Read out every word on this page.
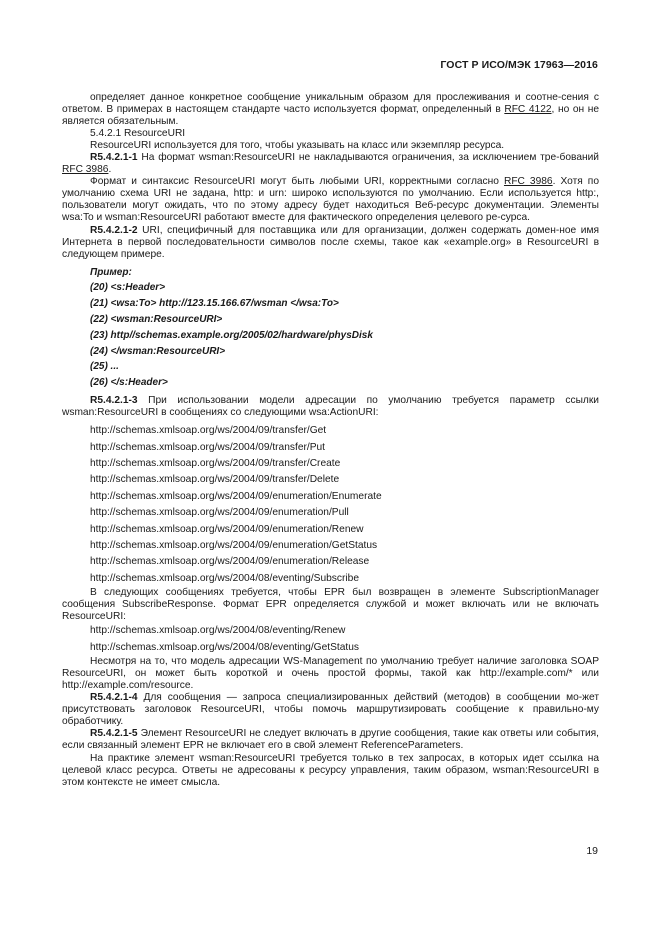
ГОСТ Р ИСО/МЭК 17963—2016

определяет данное конкретное сообщение уникальным образом для прослеживания и соотне-сения с ответом. В примерах в настоящем стандарте часто используется формат, определенный в RFC 4122, но он не является обязательным.

5.4.2.1 ResourceURI

ResourceURI используется для того, чтобы указывать на класс или экземпляр ресурса.

R5.4.2.1-1 На формат wsman:ResourceURI не накладываются ограничения, за исключением тре-бований RFC 3986.

Формат и синтаксис ResourceURI могут быть любыми URI, корректными согласно RFC 3986. Хотя по умолчанию схема URI не задана, http: и urn: широко используются по умолчанию. Если используется http:, пользователи могут ожидать, что по этому адресу будет находиться Веб-ресурс документации. Элементы wsa:To и wsman:ResourceURI работают вместе для фактического определения целевого ре-сурса.

R5.4.2.1-2 URI, специфичный для поставщика или для организации, должен содержать домен-ное имя Интернета в первой последовательности символов после схемы, такое как «example.org» в ResourceURI в следующем примере.

Пример:

(20) <s:Header>

(21) <wsa:To> http://123.15.166.67/wsman </wsa:To>

(22) <wsman:ResourceURI>

(23) http//schemas.example.org/2005/02/hardware/physDisk

(24) </wsman:ResourceURI>

(25) ...

(26) </s:Header>

R5.4.2.1-3 При использовании модели адресации по умолчанию требуется параметр ссылки wsman:ResourceURI в сообщениях со следующими wsa:ActionURI:

http://schemas.xmlsoap.org/ws/2004/09/transfer/Get

http://schemas.xmlsoap.org/ws/2004/09/transfer/Put

http://schemas.xmlsoap.org/ws/2004/09/transfer/Create

http://schemas.xmlsoap.org/ws/2004/09/transfer/Delete

http://schemas.xmlsoap.org/ws/2004/09/enumeration/Enumerate

http://schemas.xmlsoap.org/ws/2004/09/enumeration/Pull

http://schemas.xmlsoap.org/ws/2004/09/enumeration/Renew

http://schemas.xmlsoap.org/ws/2004/09/enumeration/GetStatus

http://schemas.xmlsoap.org/ws/2004/09/enumeration/Release

http://schemas.xmlsoap.org/ws/2004/08/eventing/Subscribe

В следующих сообщениях требуется, чтобы EPR был возвращен в элементе SubscriptionManager сообщения SubscribeResponse. Формат EPR определяется службой и может включать или не включать ResourceURI:

http://schemas.xmlsoap.org/ws/2004/08/eventing/Renew

http://schemas.xmlsoap.org/ws/2004/08/eventing/GetStatus

Несмотря на то, что модель адресации WS-Management по умолчанию требует наличие заголовка SOAP ResourceURI, он может быть короткой и очень простой формы, такой как http://example.com/* или http://example.com/resource.

R5.4.2.1-4 Для сообщения — запроса специализированных действий (методов) в сообщении мо-жет присутствовать заголовок ResourceURI, чтобы помочь маршрутизировать сообщение к правильно-му обработчику.

R5.4.2.1-5 Элемент ResourceURI не следует включать в другие сообщения, такие как ответы или события, если связанный элемент EPR не включает его в свой элемент ReferenceParameters.

На практике элемент wsman:ResourceURI требуется только в тех запросах, в которых идет ссылка на целевой класс ресурса. Ответы не адресованы к ресурсу управления, таким образом, wsman:ResourceURI в этом контексте не имеет смысла.

19
